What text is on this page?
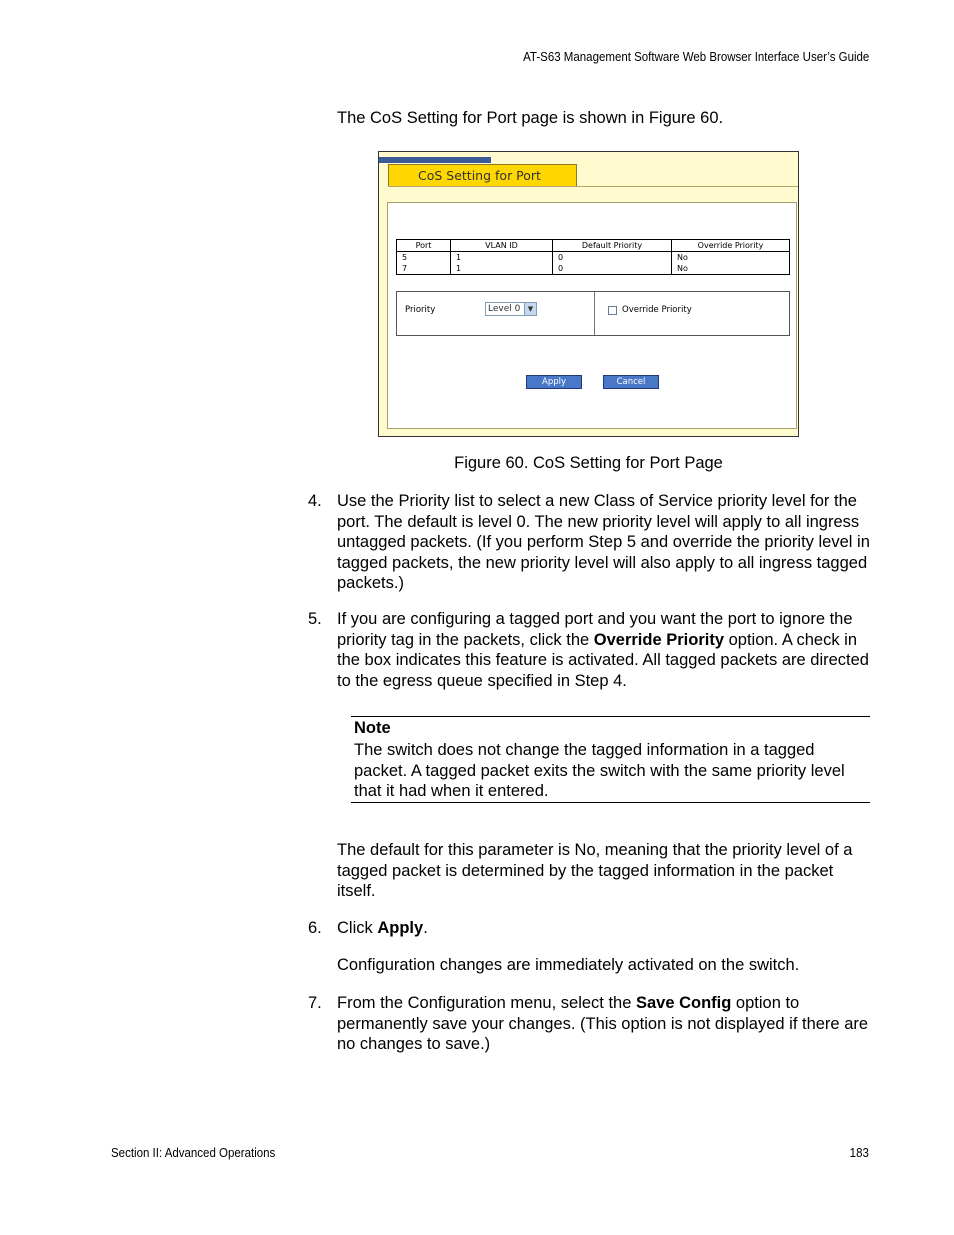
AT-S63 Management Software Web Browser Interface User’s Guide
The CoS Setting for Port page is shown in Figure 60.
CoS Setting for Port
Port	VLAN ID	Default Priority	Override Priority
5	1	0	No
7	1	0	No
Priority	Level 0	▼	Override Priority
Apply	Cancel
Figure 60. CoS Setting for Port Page
4. Use the Priority list to select a new Class of Service priority level for the port. The default is level 0. The new priority level will apply to all ingress untagged packets. (If you perform Step 5 and override the priority level in tagged packets, the new priority level will also apply to all ingress tagged packets.)
5. If you are configuring a tagged port and you want the port to ignore the priority tag in the packets, click the Override Priority option. A check in the box indicates this feature is activated. All tagged packets are directed to the egress queue specified in Step 4.
Note
The switch does not change the tagged information in a tagged packet. A tagged packet exits the switch with the same priority level that it had when it entered.
The default for this parameter is No, meaning that the priority level of a tagged packet is determined by the tagged information in the packet itself.
6. Click Apply.
Configuration changes are immediately activated on the switch.
7. From the Configuration menu, select the Save Config option to permanently save your changes. (This option is not displayed if there are no changes to save.)
Section II: Advanced Operations	183
